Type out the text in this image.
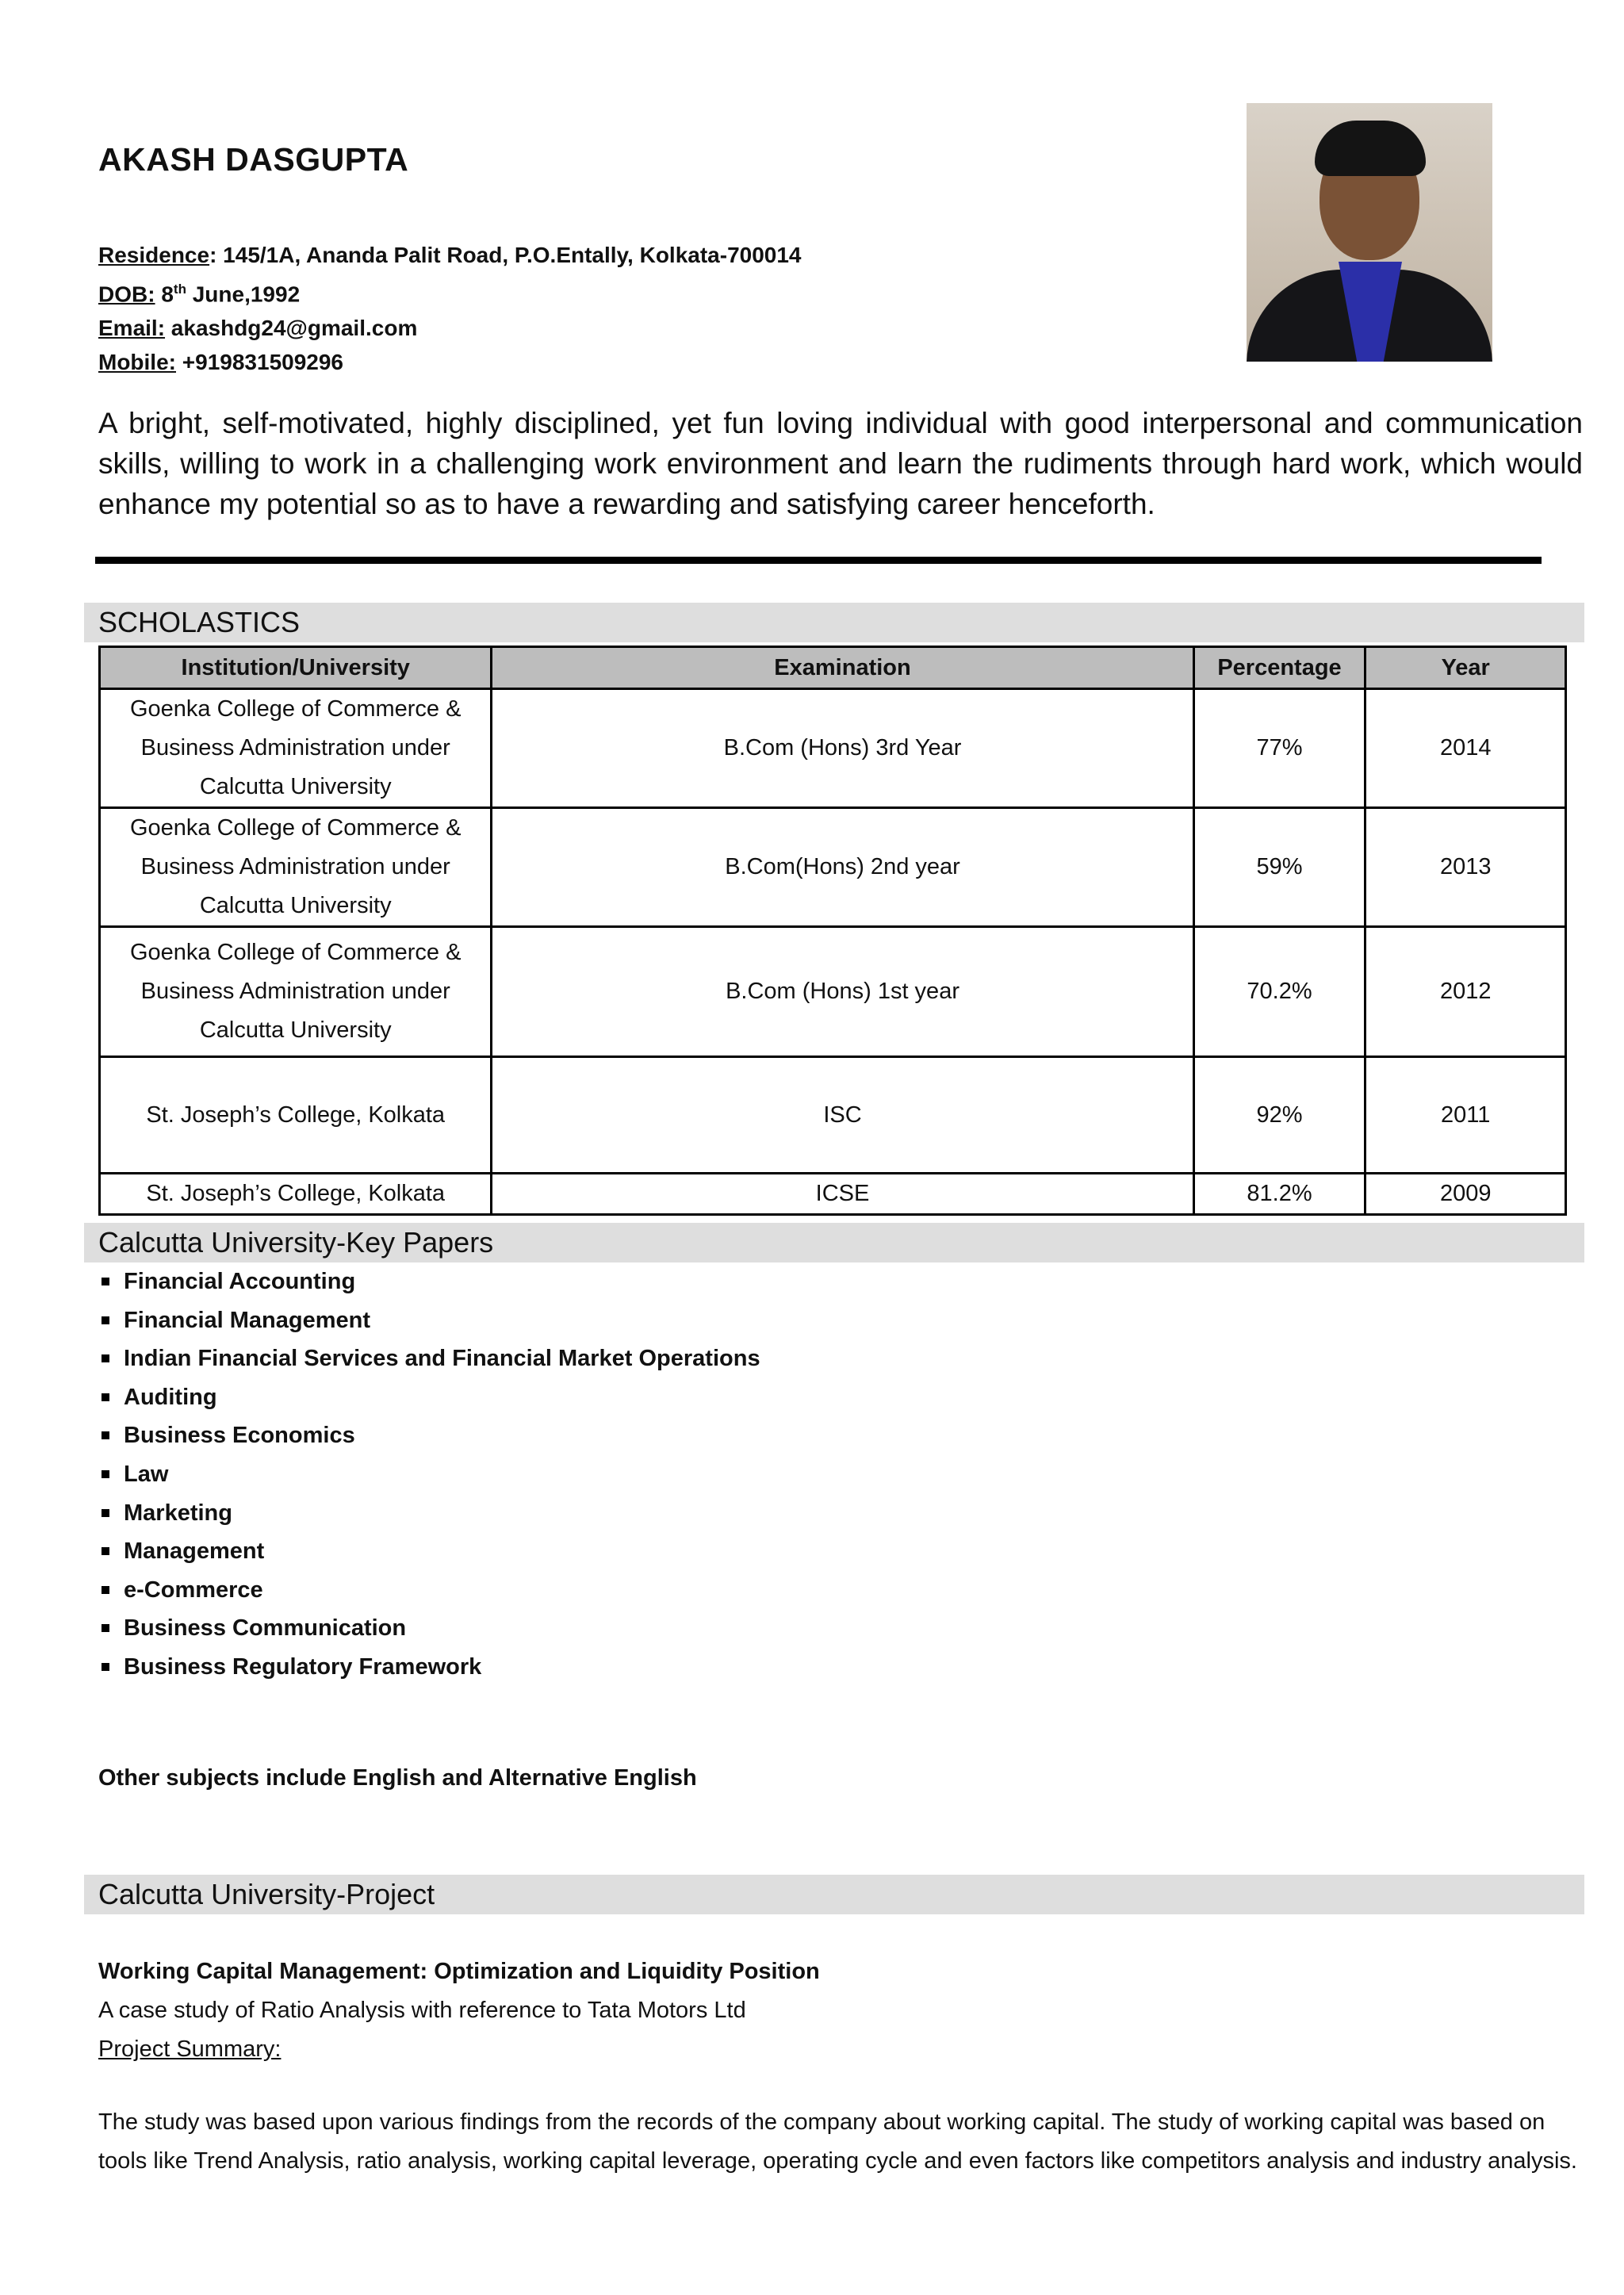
AKASH DASGUPTA
Residence: 145/1A, Ananda Palit Road, P.O.Entally, Kolkata-700014
DOB: 8th June,1992
Email: akashdg24@gmail.com
Mobile: +919831509296
A bright, self-motivated, highly disciplined, yet fun loving individual with good interpersonal and communication skills, willing to work in a challenging work environment and learn the rudiments through hard work, which would enhance my potential so as to have a rewarding and satisfying career henceforth.
SCHOLASTICS
Institution/University	Examination	Percentage	Year
Goenka College of Commerce & Business Administration under Calcutta University	B.Com (Hons) 3rd Year	77%	2014
Goenka College of Commerce & Business Administration under Calcutta University	B.Com(Hons) 2nd year	59%	2013
Goenka College of Commerce & Business Administration under Calcutta University	B.Com (Hons) 1st year	70.2%	2012
St. Joseph’s College, Kolkata	ISC	92%	2011
St. Joseph’s College, Kolkata	ICSE	81.2%	2009
Calcutta University-Key Papers
Financial Accounting
Financial Management
Indian Financial Services and Financial Market Operations
Auditing
Business Economics
Law
Marketing
Management
e-Commerce
Business Communication
Business Regulatory Framework
Other subjects include English and Alternative English
Calcutta University-Project
Working Capital Management: Optimization and Liquidity Position
A case study of Ratio Analysis with reference to Tata Motors Ltd
Project Summary:
The study was based upon various findings from the records of the company about working capital. The study of working capital was based on tools like Trend Analysis, ratio analysis, working capital leverage, operating cycle and even factors like competitors analysis and industry analysis.
